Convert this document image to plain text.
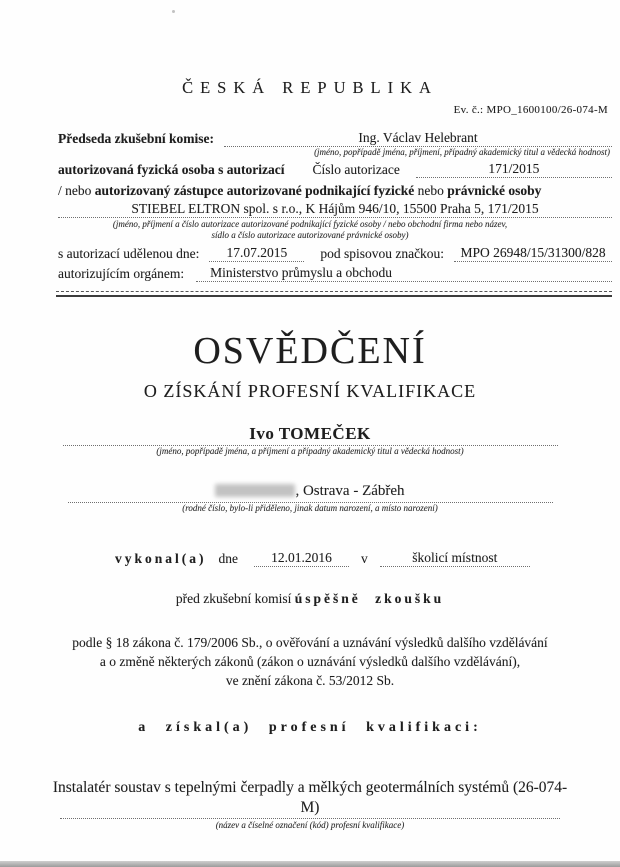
ČESKÁ REPUBLIKA
Ev. č.: MPO_1600100/26-074-M
Předseda zkušební komise:	Ing. Václav Helebrant
(jméno, popřípadě jména, příjmení, případný akademický titul a vědecká hodnost)
autorizovaná fyzická osoba s autorizací Číslo autorizace	171/2015
/ nebo autorizovaný zástupce autorizované podnikající fyzické nebo právnické osoby
STIEBEL ELTRON spol. s r.o., K Hájům 946/10, 15500 Praha 5, 171/2015
(jméno, příjmení a číslo autorizace autorizované podnikající fyzické osoby / nebo obchodní firma nebo název,
sídlo a číslo autorizace autorizované právnické osoby)
s autorizací udělenou dne:	17.07.2015	pod spisovou značkou:	MPO 26948/15/31300/828
autorizujícím orgánem:	Ministerstvo průmyslu a obchodu
OSVĚDČENÍ
O ZÍSKÁNÍ PROFESNÍ KVALIFIKACE
Ivo TOMEČEK
(jméno, popřípadě jména, a příjmení a případný akademický titul a vědecká hodnost)
, Ostrava - Zábřeh
(rodné číslo, bylo-li přiděleno, jinak datum narození, a místo narození)
vykonal(a) dne	12.01.2016	v	školicí místnost
před zkušební komisí úspěšně zkoušku
podle § 18 zákona č. 179/2006 Sb., o ověřování a uznávání výsledků dalšího vzdělávání
a o změně některých zákonů (zákon o uznávání výsledků dalšího vzdělávání),
ve znění zákona č. 53/2012 Sb.
a získal(a) profesní kvalifikaci:
Instalatér soustav s tepelnými čerpadly a mělkých geotermálních systémů (26-074-
M)
(název a číselné označení (kód) profesní kvalifikace)
